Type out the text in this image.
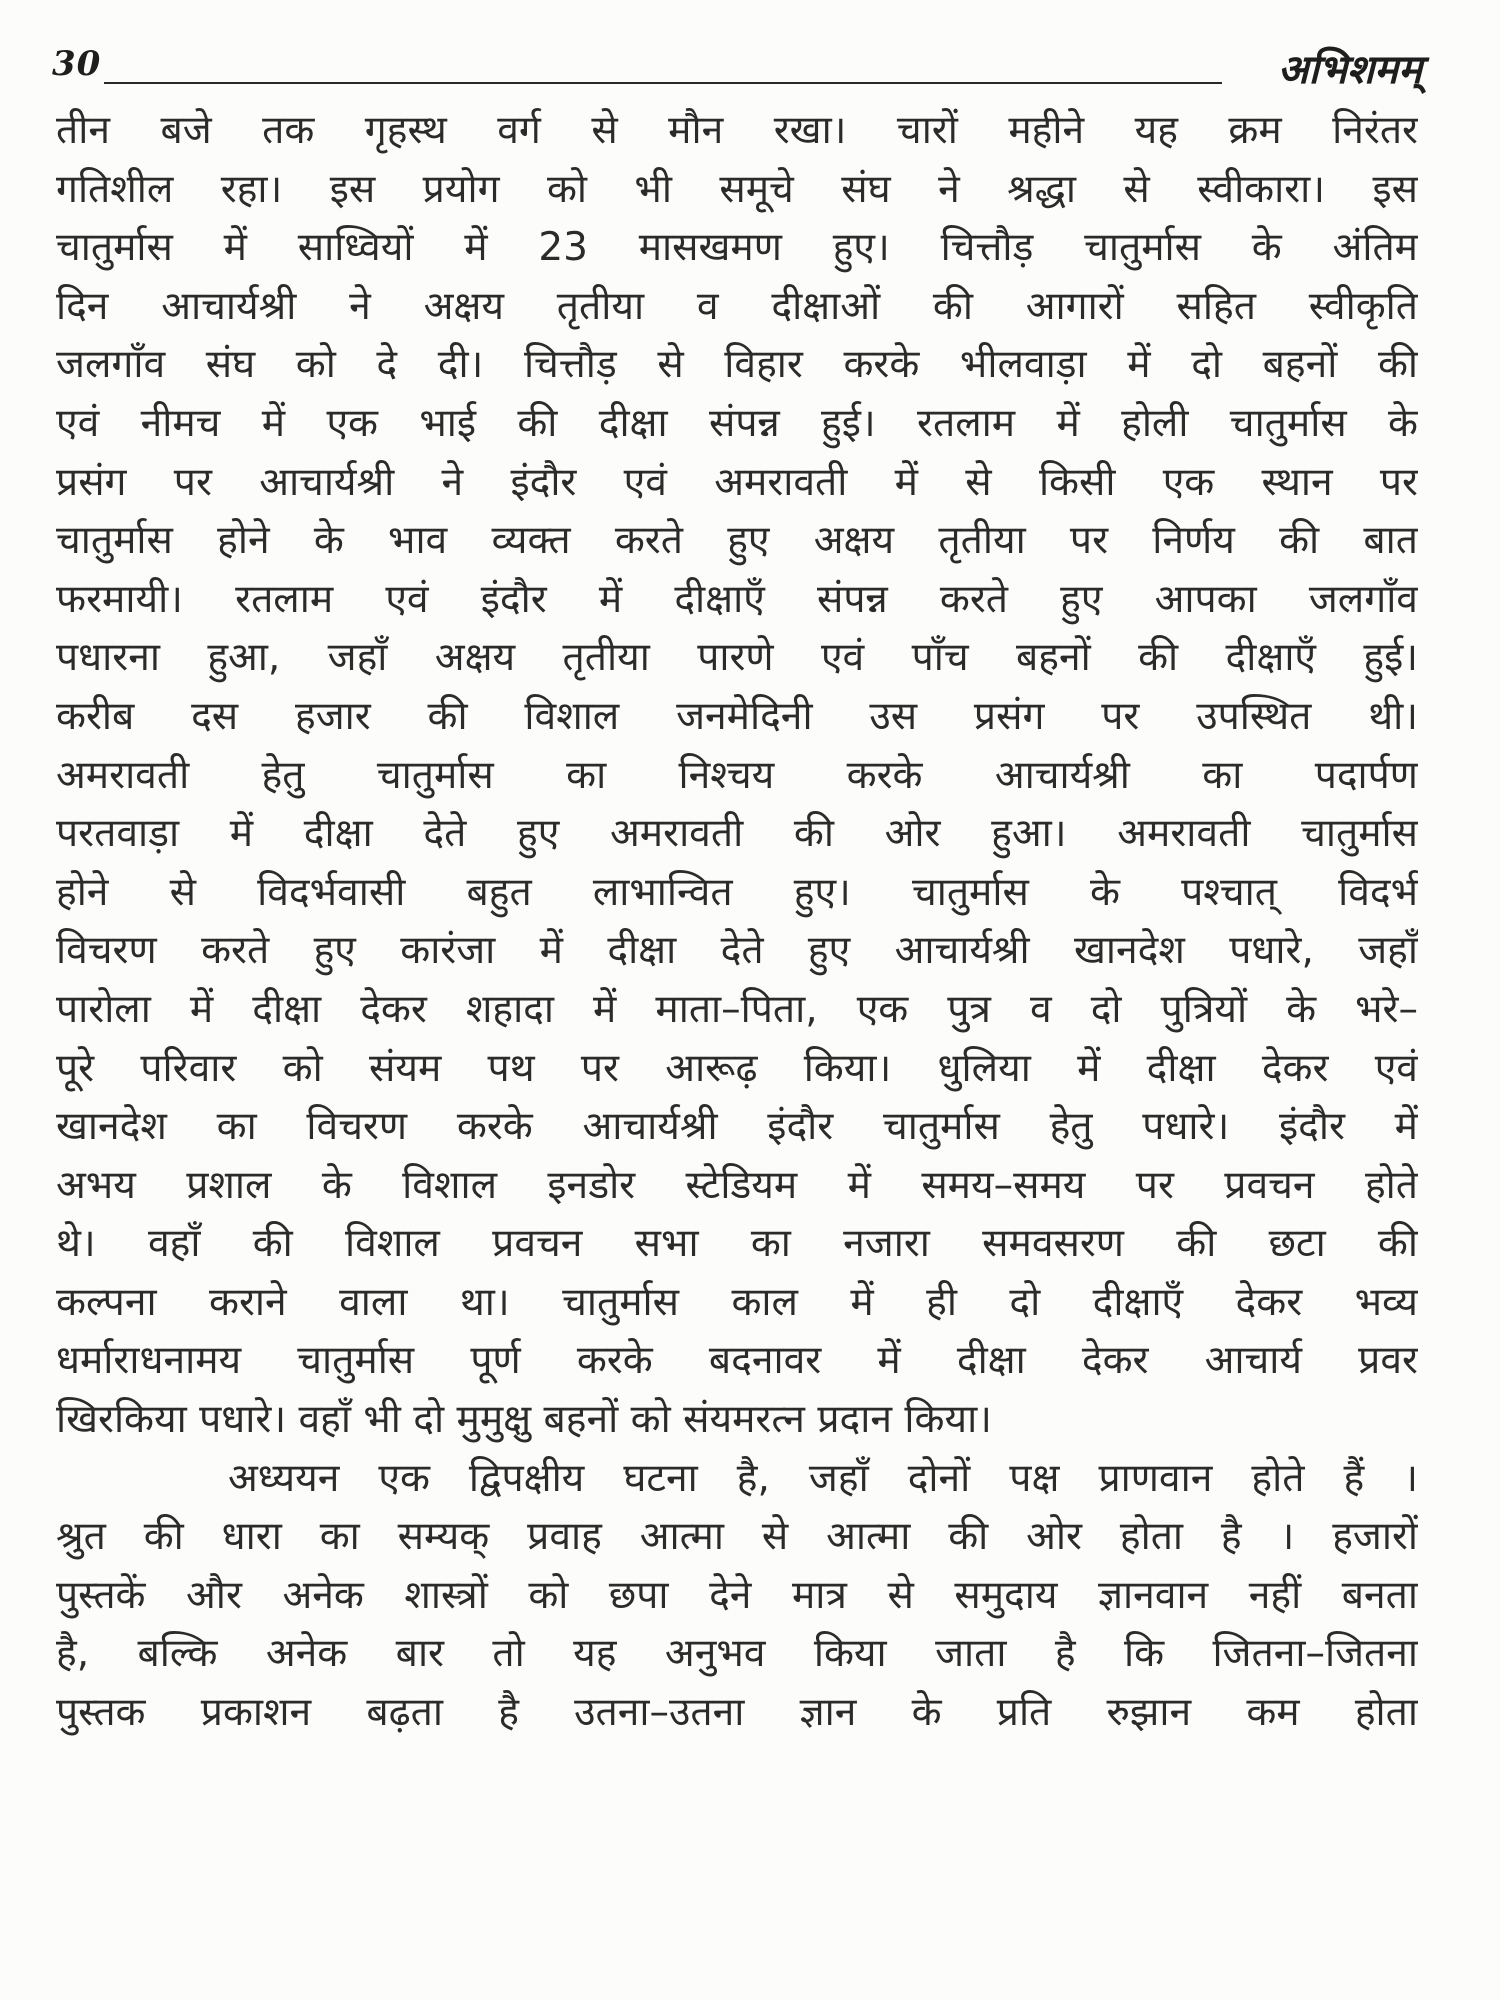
30	अभिशमम्
तीन बजे तक गृहस्थ वर्ग से मौन रखा। चारों महीने यह क्रम निरंतर
गतिशील रहा। इस प्रयोग को भी समूचे संघ ने श्रद्धा से स्वीकारा। इस
चातुर्मास में साध्वियों में 23 मासखमण हुए। चित्तौड़ चातुर्मास के अंतिम
दिन आचार्यश्री ने अक्षय तृतीया व दीक्षाओं की आगारों सहित स्वीकृति
जलगाँव संघ को दे दी। चित्तौड़ से विहार करके भीलवाड़ा में दो बहनों की
एवं नीमच में एक भाई की दीक्षा संपन्न हुई। रतलाम में होली चातुर्मास के
प्रसंग पर आचार्यश्री ने इंदौर एवं अमरावती में से किसी एक स्थान पर
चातुर्मास होने के भाव व्यक्त करते हुए अक्षय तृतीया पर निर्णय की बात
फरमायी। रतलाम एवं इंदौर में दीक्षाएँ संपन्न करते हुए आपका जलगाँव
पधारना हुआ, जहाँ अक्षय तृतीया पारणे एवं पाँच बहनों की दीक्षाएँ हुई।
करीब दस हजार की विशाल जनमेदिनी उस प्रसंग पर उपस्थित थी।
अमरावती हेतु चातुर्मास का निश्चय करके आचार्यश्री का पदार्पण
परतवाड़ा में दीक्षा देते हुए अमरावती की ओर हुआ। अमरावती चातुर्मास
होने से विदर्भवासी बहुत लाभान्वित हुए। चातुर्मास के पश्चात् विदर्भ
विचरण करते हुए कारंजा में दीक्षा देते हुए आचार्यश्री खानदेश पधारे, जहाँ
पारोला में दीक्षा देकर शहादा में माता–पिता, एक पुत्र व दो पुत्रियों के भरे–
पूरे परिवार को संयम पथ पर आरूढ़ किया। धुलिया में दीक्षा देकर एवं
खानदेश का विचरण करके आचार्यश्री इंदौर चातुर्मास हेतु पधारे। इंदौर में
अभय प्रशाल के विशाल इनडोर स्टेडियम में समय–समय पर प्रवचन होते
थे। वहाँ की विशाल प्रवचन सभा का नजारा समवसरण की छटा की
कल्पना कराने वाला था। चातुर्मास काल में ही दो दीक्षाएँ देकर भव्य
धर्माराधनामय चातुर्मास पूर्ण करके बदनावर में दीक्षा देकर आचार्य प्रवर
खिरकिया पधारे। वहाँ भी दो मुमुक्षु बहनों को संयमरत्न प्रदान किया।
अध्ययन एक द्विपक्षीय घटना है, जहाँ दोनों पक्ष प्राणवान होते हैं ।
श्रुत की धारा का सम्यक् प्रवाह आत्मा से आत्मा की ओर होता है । हजारों
पुस्तकें और अनेक शास्त्रों को छपा देने मात्र से समुदाय ज्ञानवान नहीं बनता
है, बल्कि अनेक बार तो यह अनुभव किया जाता है कि जितना–जितना
पुस्तक प्रकाशन बढ़ता है उतना–उतना ज्ञान के प्रति रुझान कम होता
